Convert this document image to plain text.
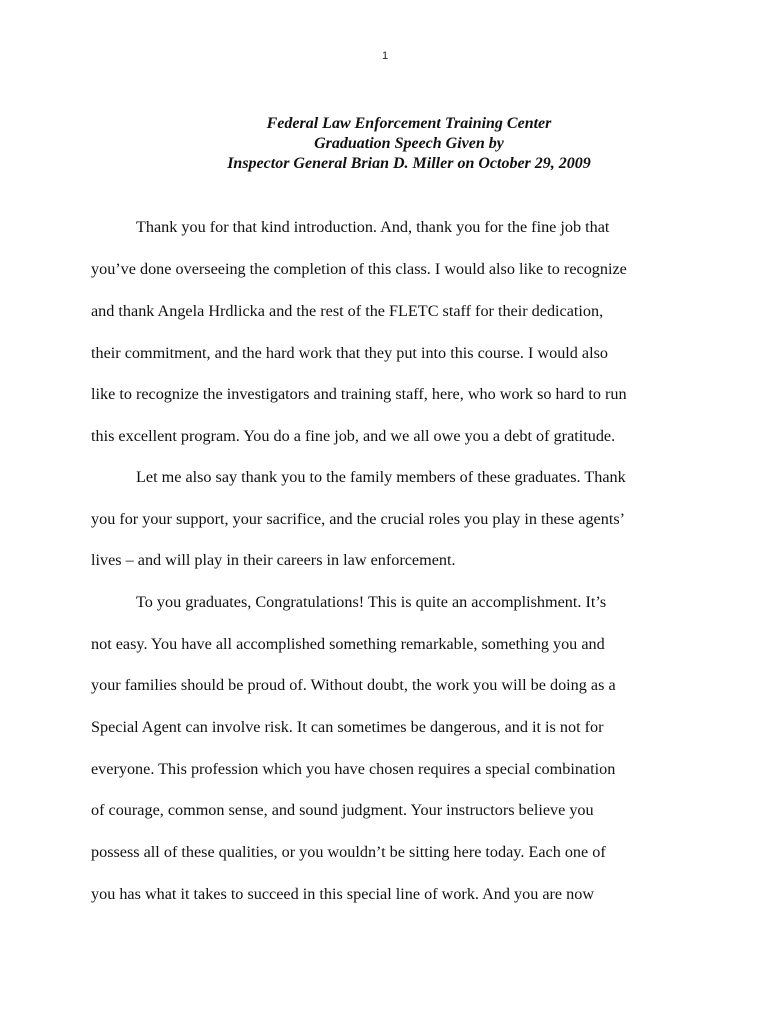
1
Federal Law Enforcement Training Center
Graduation Speech Given by
Inspector General Brian D. Miller on October 29, 2009
Thank you for that kind introduction. And, thank you for the fine job that
you’ve done overseeing the completion of this class. I would also like to recognize
and thank Angela Hrdlicka and the rest of the FLETC staff for their dedication,
their commitment, and the hard work that they put into this course. I would also
like to recognize the investigators and training staff, here, who work so hard to run
this excellent program. You do a fine job, and we all owe you a debt of gratitude.
Let me also say thank you to the family members of these graduates. Thank
you for your support, your sacrifice, and the crucial roles you play in these agents’
lives – and will play in their careers in law enforcement.
To you graduates, Congratulations! This is quite an accomplishment. It’s
not easy. You have all accomplished something remarkable, something you and
your families should be proud of. Without doubt, the work you will be doing as a
Special Agent can involve risk. It can sometimes be dangerous, and it is not for
everyone. This profession which you have chosen requires a special combination
of courage, common sense, and sound judgment. Your instructors believe you
possess all of these qualities, or you wouldn’t be sitting here today. Each one of
you has what it takes to succeed in this special line of work. And you are now
